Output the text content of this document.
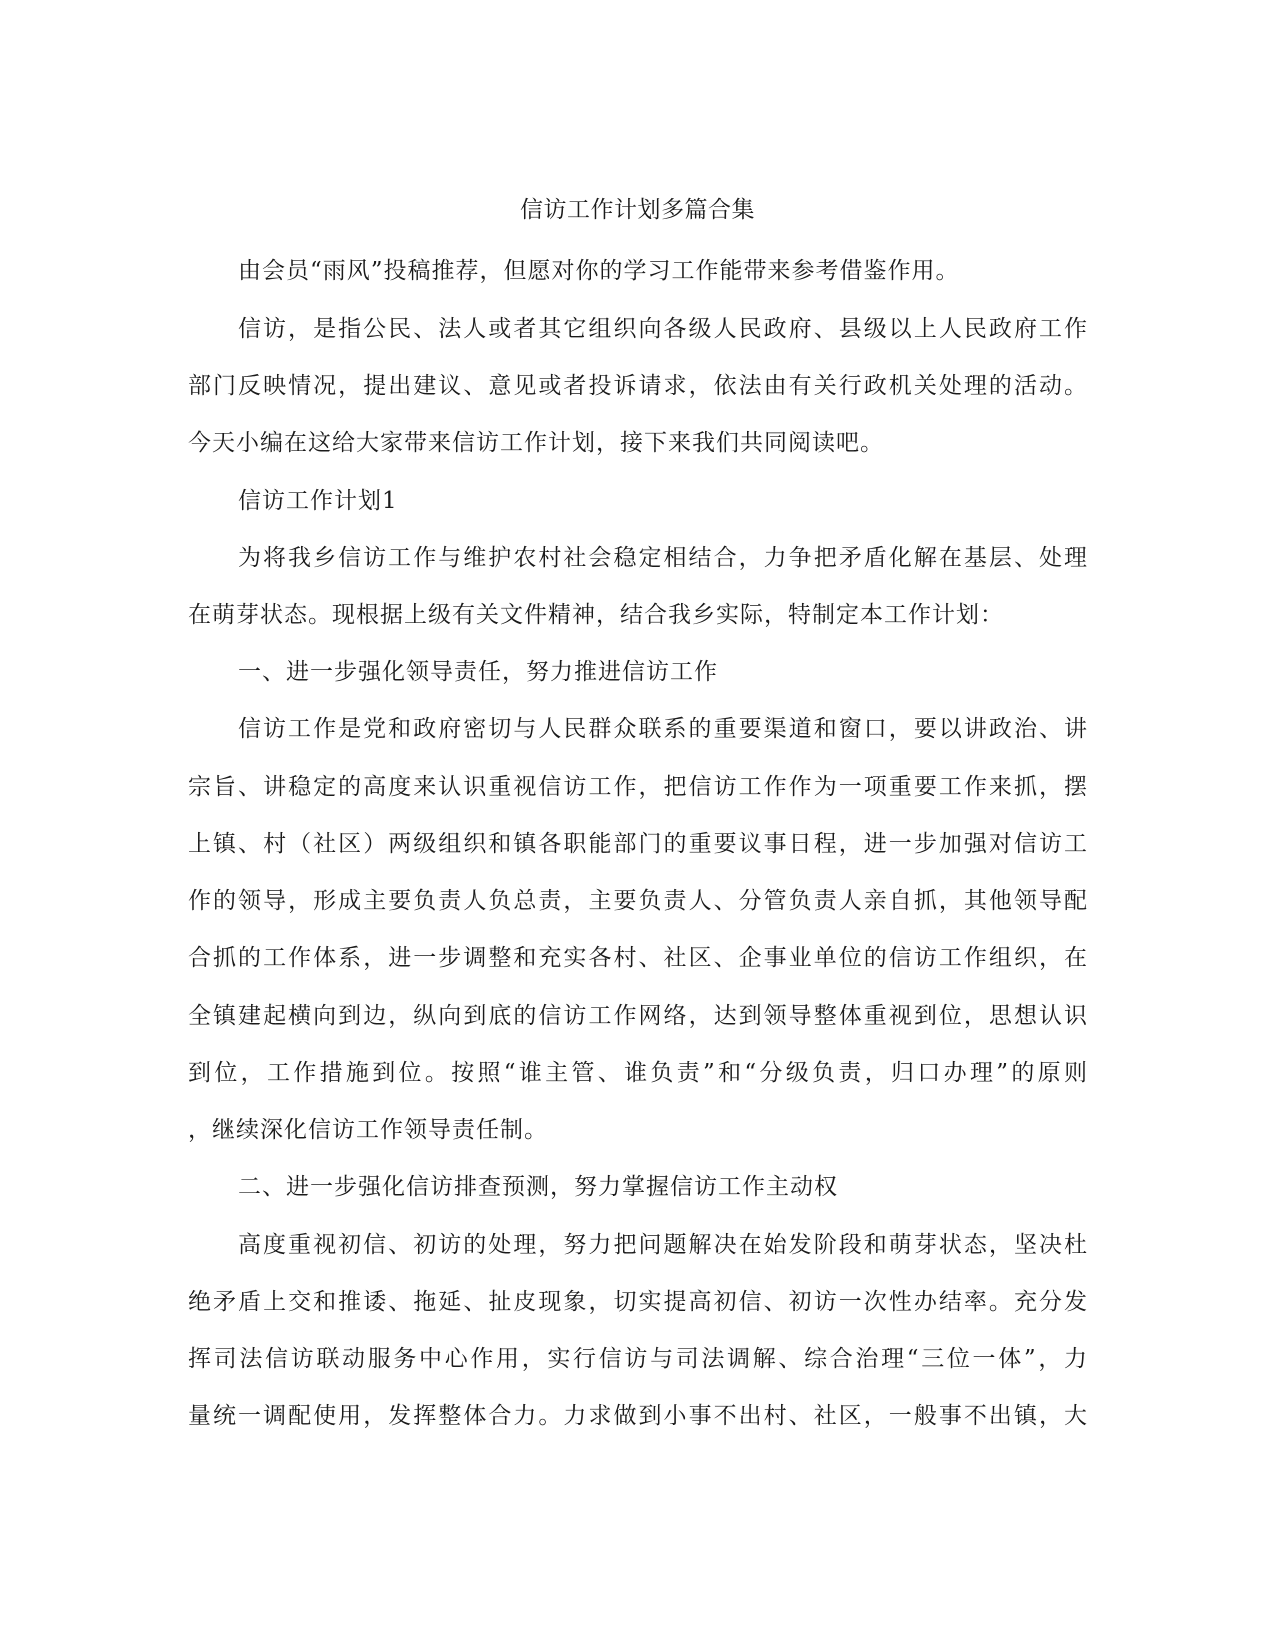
信访工作计划多篇合集

由会员“雨风”投稿推荐，但愿对你的学习工作能带来参考借鉴作用。

信访，是指公民、法人或者其它组织向各级人民政府、县级以上人民政府工作

部门反映情况，提出建议、意见或者投诉请求，依法由有关行政机关处理的活动。

今天小编在这给大家带来信访工作计划，接下来我们共同阅读吧。

信访工作计划1

为将我乡信访工作与维护农村社会稳定相结合，力争把矛盾化解在基层、处理

在萌芽状态。现根据上级有关文件精神，结合我乡实际，特制定本工作计划：

一、进一步强化领导责任，努力推进信访工作

信访工作是党和政府密切与人民群众联系的重要渠道和窗口，要以讲政治、讲

宗旨、讲稳定的高度来认识重视信访工作，把信访工作作为一项重要工作来抓，摆

上镇、村（社区）两级组织和镇各职能部门的重要议事日程，进一步加强对信访工

作的领导，形成主要负责人负总责，主要负责人、分管负责人亲自抓，其他领导配

合抓的工作体系，进一步调整和充实各村、社区、企事业单位的信访工作组织，在

全镇建起横向到边，纵向到底的信访工作网络，达到领导整体重视到位，思想认识

到位，工作措施到位。按照“谁主管、谁负责”和“分级负责，归口办理”的原则

，继续深化信访工作领导责任制。

二、进一步强化信访排查预测，努力掌握信访工作主动权

高度重视初信、初访的处理，努力把问题解决在始发阶段和萌芽状态，坚决杜

绝矛盾上交和推诿、拖延、扯皮现象，切实提高初信、初访一次性办结率。充分发

挥司法信访联动服务中心作用，实行信访与司法调解、综合治理“三位一体”，力

量统一调配使用，发挥整体合力。力求做到小事不出村、社区，一般事不出镇，大
